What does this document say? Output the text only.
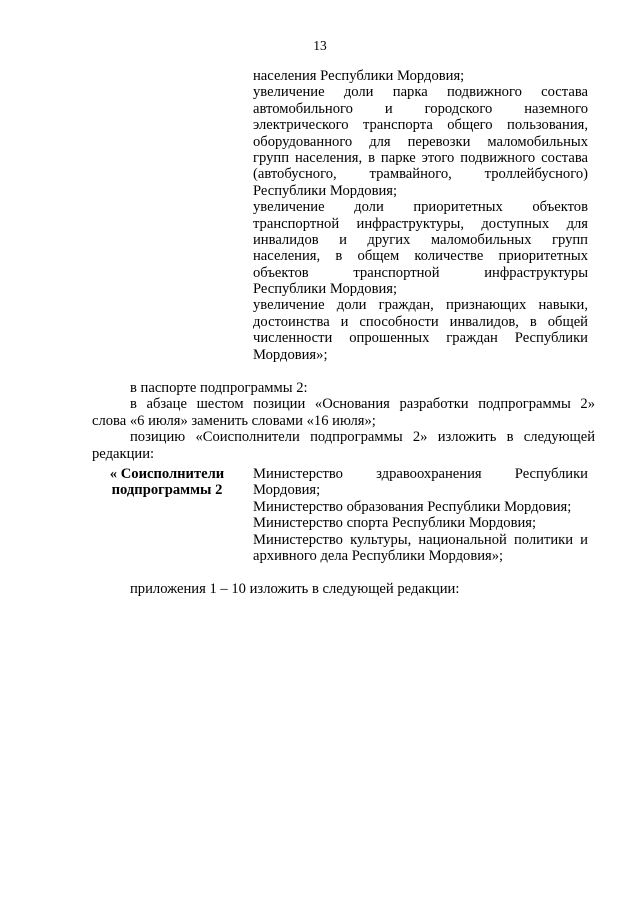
13
населения Республики Мордовия;
увеличение доли парка подвижного состава
автомобильного и городского наземного
электрического транспорта общего пользования,
оборудованного для перевозки маломобильных
групп населения, в парке этого подвижного состава
(автобусного, трамвайного, троллейбусного)
Республики Мордовия;
увеличение доли приоритетных объектов
транспортной инфраструктуры, доступных для
инвалидов и других маломобильных групп
населения, в общем количестве приоритетных
объектов транспортной инфраструктуры
Республики Мордовия;
увеличение доли граждан, признающих навыки,
достоинства и способности инвалидов, в общей
численности опрошенных граждан Республики
Мордовия»;
в паспорте подпрограммы 2:
в абзаце шестом позиции «Основания разработки подпрограммы 2»
слова «6 июля» заменить словами «16 июля»;
позицию «Соисполнители подпрограммы 2» изложить в следующей
редакции:
« Соисполнители
подпрограммы 2
Министерство здравоохранения Республики
Мордовия;
Министерство образования Республики Мордовия;
Министерство спорта Республики Мордовия;
Министерство культуры, национальной политики и
архивного дела Республики Мордовия»;
приложения 1 – 10 изложить в следующей редакции:
